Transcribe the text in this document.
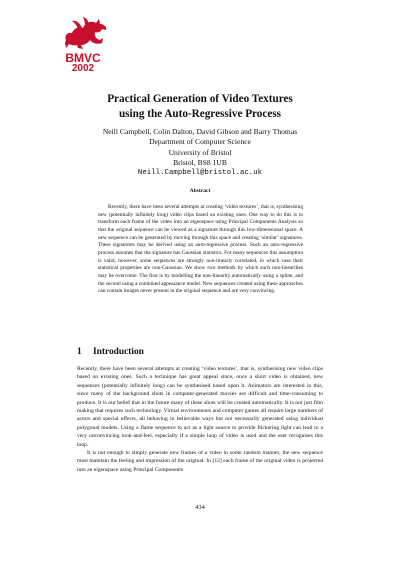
BMVC
2002
Practical Generation of Video Textures
using the Auto-Regressive Process
Neill Campbell, Colin Dalton, David Gibson and Barry Thomas
Department of Computer Science
University of Bristol
Bristol, BS8 1UB
Neill.Campbell@bristol.ac.uk
Abstract

Recently, there have been several attempts at creating ‘video textures’, that is, synthesising new (potentially infinitely long) video clips based on existing ones. One way to do this is to transform each frame of the video into an eigenspace using Principal Components Analysis so that the original sequence can be viewed as a signature through this low-dimensional space. A new sequence can be generated by moving through this space and creating ‘similar’ signatures. These signatures may be derived using an auto-regressive process. Such an auto-regressive process assumes that the signature has Gaussian statistics. For many sequences this assumption is valid, however, some sequences are strongly non-linearly correlated, in which case their statistical properties are non-Gaussian. We show two methods by which such non-linearities may be overcome. The first is by modelling the non-linearity automatically using a spline, and the second using a combined appearance model. New sequences created using these approaches can contain images never present in the original sequence and are very convincing.

1 Introduction

Recently, there have been several attempts at creating ‘video textures’, that is, synthesising new video clips based on existing ones. Such a technique has great appeal since, once a short video is obtained, new sequences (potentially infinitely long) can be synthesised based upon it. Animators are interested in this, since many of the background shots in computer-generated movies are difficult and time-consuming to produce. It is our belief that in the future many of these shots will be created automatically. It is not just film making that requires such technology. Virtual environments and computer games all require large numbers of actors and special effects, all behaving in believable ways but not necessarily generated using individual polygonal models. Using a flame sequence to act as a light source to provide flickering light can lead to a very unconvincing look-and-feel, especially if a simple loop of video is used and the user recognises this loop.

It is not enough to simply generate new frames of a video in some random manner, the new sequence must maintain the feeling and impression of the original. In [12] each frame of the original video is projected into an eigenspace using Principal Components

434
